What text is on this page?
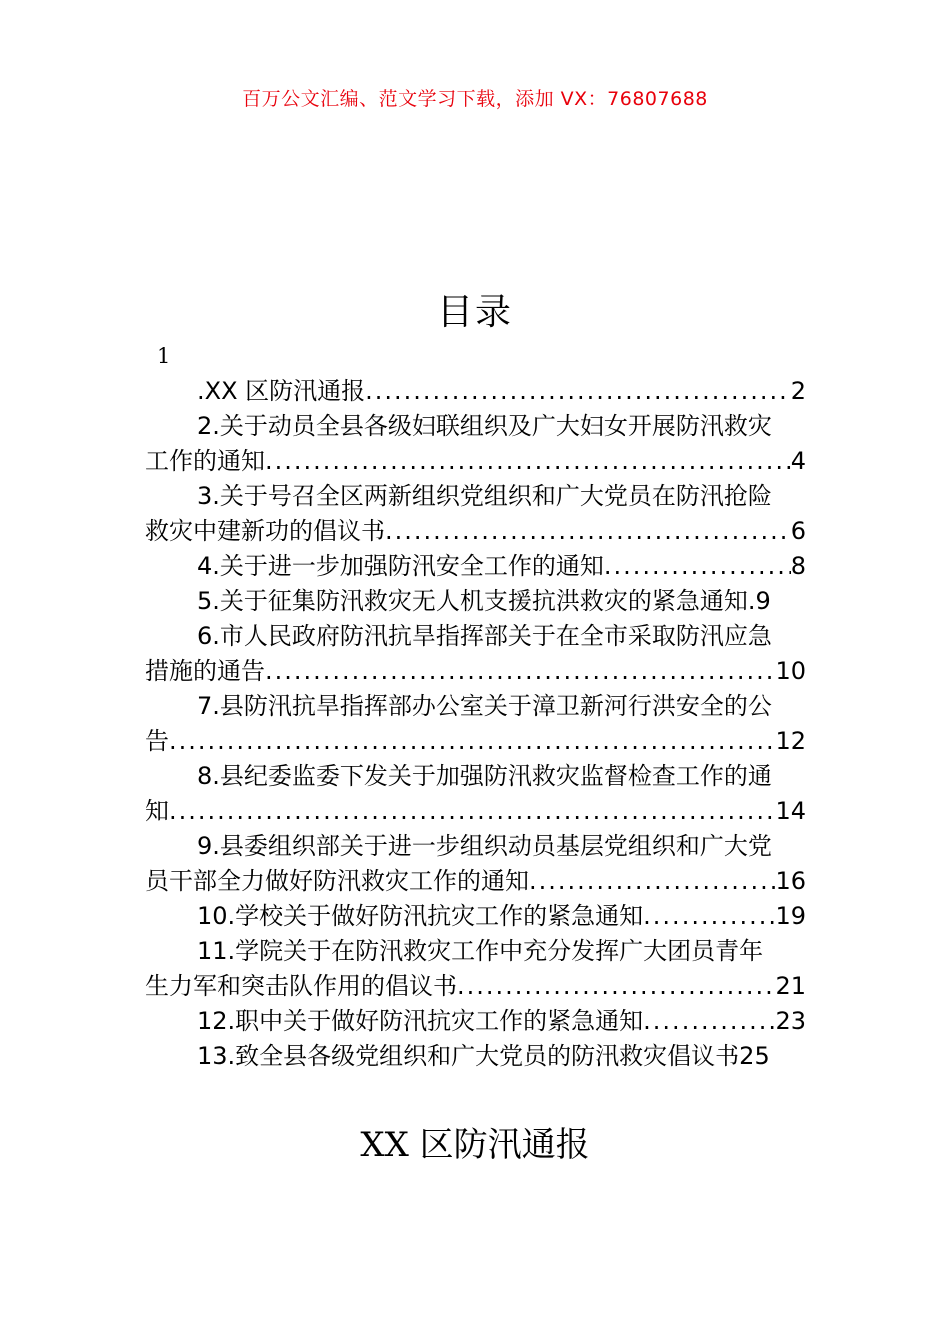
百万公文汇编、范文学习下载，添加 VX：76807688
目录
1
.XX 区防汛通报 .....	2
2.关于动员全县各级妇联组织及广大妇女开展防汛救灾
工作的通知 .....	4
3.关于号召全区两新组织党组织和广大党员在防汛抢险
救灾中建新功的倡议书 .....	6
4.关于进一步加强防汛安全工作的通知 .....	8
5.关于征集防汛救灾无人机支援抗洪救灾的紧急通知 . 9
6.市人民政府防汛抗旱指挥部关于在全市采取防汛应急
措施的通告 .....	10
7.县防汛抗旱指挥部办公室关于漳卫新河行洪安全的公
告 .....	12
8.县纪委监委下发关于加强防汛救灾监督检查工作的通
知 .....	14
9.县委组织部关于进一步组织动员基层党组织和广大党
员干部全力做好防汛救灾工作的通知 .....	16
10.学校关于做好防汛抗灾工作的紧急通知 .....	19
11.学院关于在防汛救灾工作中充分发挥广大团员青年
生力军和突击队作用的倡议书 .....	21
12.职中关于做好防汛抗灾工作的紧急通知 .....	23
13.致全县各级党组织和广大党员的防汛救灾倡议书 25
XX 区防汛通报
